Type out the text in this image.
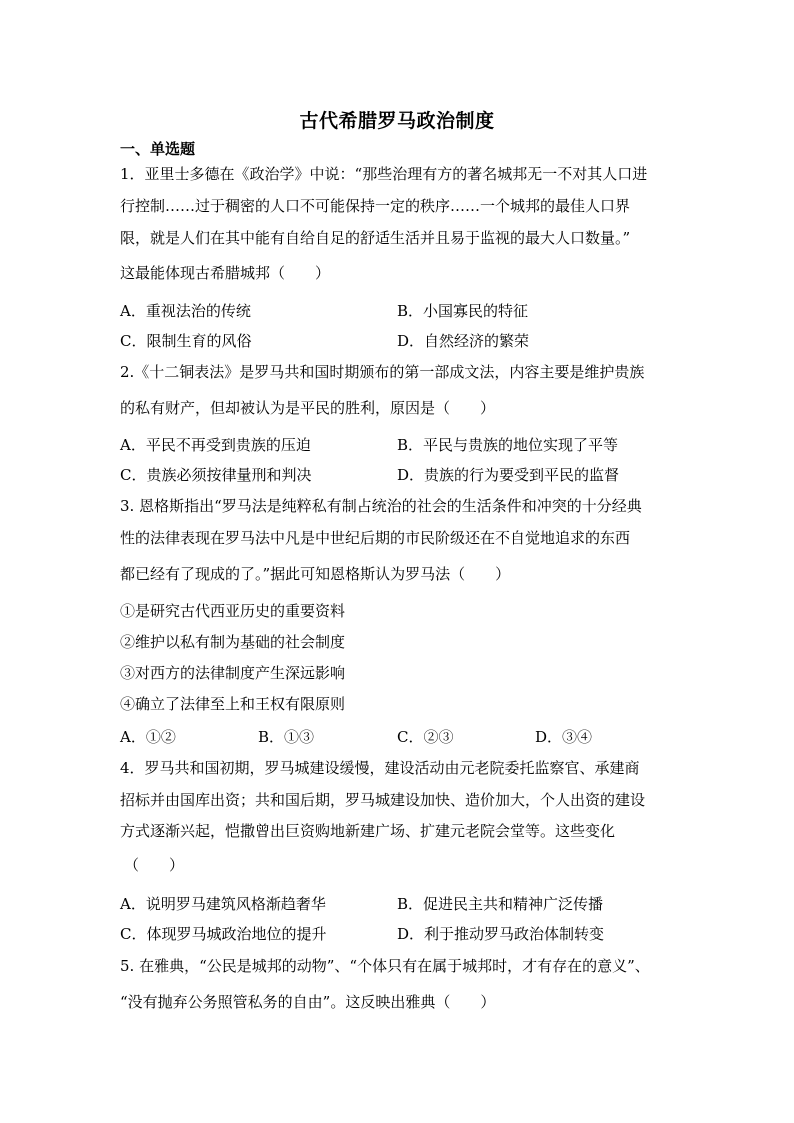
古代希腊罗马政治制度
一、单选题
1．亚里士多德在《政治学》中说：“那些治理有方的著名城邦无一不对其人口进
行控制……过于稠密的人口不可能保持一定的秩序……一个城邦的最佳人口界
限，就是人们在其中能有自给自足的舒适生活并且易于监视的最大人口数量。”
这最能体现古希腊城邦（　　）
A．重视法治的传统	B．小国寡民的特征
C．限制生育的风俗	D．自然经济的繁荣
2.《十二铜表法》是罗马共和国时期颁布的第一部成文法，内容主要是维护贵族
的私有财产，但却被认为是平民的胜利，原因是（　　）
A．平民不再受到贵族的压迫	B．平民与贵族的地位实现了平等
C．贵族必须按律量刑和判决	D．贵族的行为要受到平民的监督
3. 恩格斯指出“罗马法是纯粹私有制占统治的社会的生活条件和冲突的十分经典
性的法律表现在罗马法中凡是中世纪后期的市民阶级还在不自觉地追求的东西
都已经有了现成的了。”据此可知恩格斯认为罗马法（　　）
①是研究古代西亚历史的重要资料
②维护以私有制为基础的社会制度
③对西方的法律制度产生深远影响
④确立了法律至上和王权有限原则
A．①②	B．①③	C．②③	D．③④
4．罗马共和国初期，罗马城建设缓慢，建设活动由元老院委托监察官、承建商
招标并由国库出资；共和国后期，罗马城建设加快、造价加大，个人出资的建设
方式逐渐兴起，恺撒曾出巨资购地新建广场、扩建元老院会堂等。这些变化
（　　）
A．说明罗马建筑风格渐趋奢华	B．促进民主共和精神广泛传播
C．体现罗马城政治地位的提升	D．利于推动罗马政治体制转变
5. 在雅典，“公民是城邦的动物”、“个体只有在属于城邦时，才有存在的意义”、
“没有抛弃公务照管私务的自由”。这反映出雅典（　　）
